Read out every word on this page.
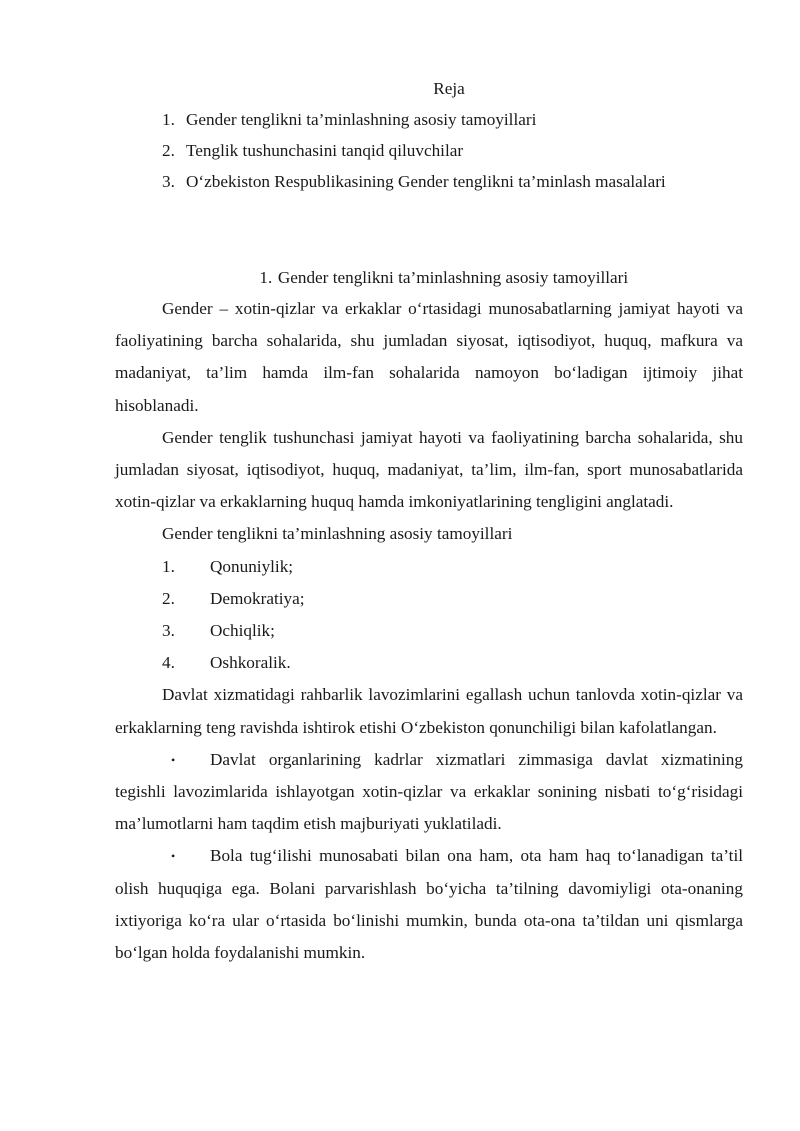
Reja
1. Gender tenglikni ta’minlashning asosiy tamoyillari
2. Tenglik tushunchasini tanqid qiluvchilar
3. O‘zbekiston Respublikasining Gender tenglikni ta’minlash masalalari
1. Gender tenglikni ta’minlashning asosiy tamoyillari

Gender – xotin-qizlar va erkaklar o‘rtasidagi munosabatlarning jamiyat hayoti va faoliyatining barcha sohalarida, shu jumladan siyosat, iqtisodiyot, huquq, mafkura va madaniyat, ta’lim hamda ilm-fan sohalarida namoyon bo‘ladigan ijtimoiy jihat hisoblanadi.

Gender tenglik tushunchasi jamiyat hayoti va faoliyatining barcha sohalarida, shu jumladan siyosat, iqtisodiyot, huquq, madaniyat, ta’lim, ilm-fan, sport munosabatlarida xotin-qizlar va erkaklarning huquq hamda imkoniyatlarining tengligini anglatadi.

Gender tenglikni ta’minlashning asosiy tamoyillari

1. Qonuniylik;
2. Demokratiya;
3. Ochiqlik;
4. Oshkoralik.

Davlat xizmatidagi rahbarlik lavozimlarini egallash uchun tanlovda xotin-qizlar va erkaklarning teng ravishda ishtirok etishi O‘zbekiston qonunchiligi bilan kafolatlangan.

• Davlat organlarining kadrlar xizmatlari zimmasiga davlat xizmatining tegishli lavozimlarida ishlayotgan xotin-qizlar va erkaklar sonining nisbati to‘g‘risidagi ma’lumotlarni ham taqdim etish majburiyati yuklatiladi.

• Bola tug‘ilishi munosabati bilan ona ham, ota ham haq to‘lanadigan ta’til olish huquqiga ega. Bolani parvarishlash bo‘yicha ta’tilning davomiyligi ota-onaning ixtiyoriga ko‘ra ular o‘rtasida bo‘linishi mumkin, bunda ota-ona ta’tildan uni qismlarga bo‘lgan holda foydalanishi mumkin.
